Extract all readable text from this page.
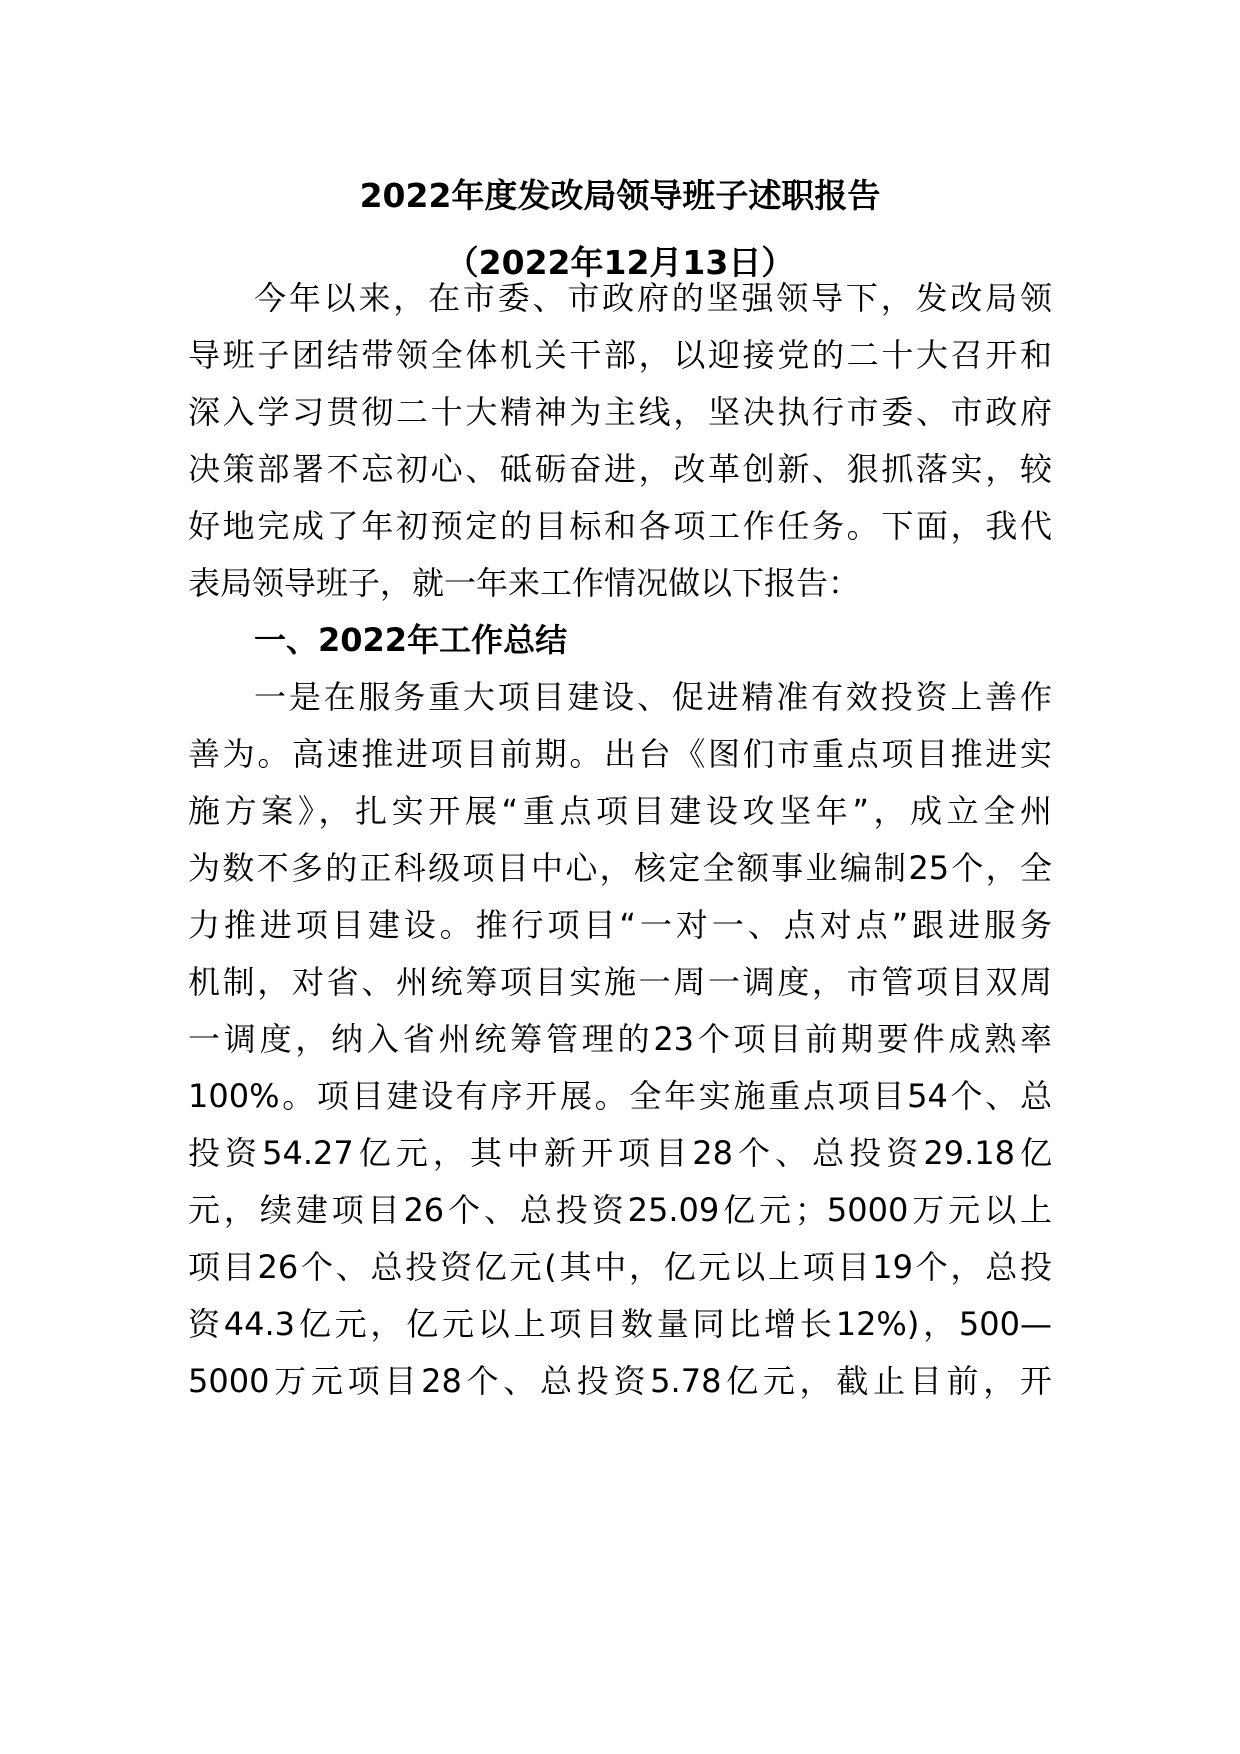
2022年度发改局领导班子述职报告
（2022年12月13日）
今年以来，在市委、市政府的坚强领导下，发改局领
导班子团结带领全体机关干部，以迎接党的二十大召开和
深入学习贯彻二十大精神为主线，坚决执行市委、市政府
决策部署不忘初心、砥砺奋进，改革创新、狠抓落实，较
好地完成了年初预定的目标和各项工作任务。下面，我代
表局领导班子，就一年来工作情况做以下报告：
一、2022年工作总结
一是在服务重大项目建设、促进精准有效投资上善作
善为。高速推进项目前期。出台《图们市重点项目推进实
施方案》，扎实开展“重点项目建设攻坚年”，成立全州
为数不多的正科级项目中心，核定全额事业编制25个，全
力推进项目建设。推行项目“一对一、点对点”跟进服务
机制，对省、州统筹项目实施一周一调度，市管项目双周
一调度，纳入省州统筹管理的23个项目前期要件成熟率
100%。项目建设有序开展。全年实施重点项目54个、总
投资54.27亿元，其中新开项目28个、总投资29.18亿
元，续建项目26个、总投资25.09亿元；5000万元以上
项目26个、总投资亿元(其中，亿元以上项目19个，总投
资44.3亿元，亿元以上项目数量同比增长12%)，500—
5000万元项目28个、总投资5.78亿元，截止目前，开
